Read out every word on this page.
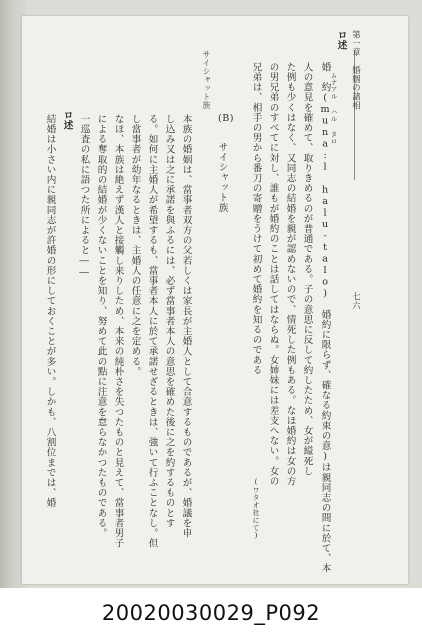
第一章　婚姻の諸相
七六
ロ述
ムナアル ハル タロ
婚　約(muna:l halu-talo)　婚約に限らず、確なる約束の意)は親同志の間に於て、本
人の意見を確めて、取りきめるのが普通である。子の意思に反して約したため、女が縊死し
た例も少くはなく、又同志の結婚を親が認めないので、情死した例もある。なほ婚約は女の方
の男兄弟のすべてに対し、誰もが婚約のことは話してはならぬ。女姉妹には差支へない。女の
兄弟は、相手の男から番刀の寄贈をうけて初めて婚約を知るのである
(ワタオ社にて)
(B)
サイシャット族
サイシャット族
本族の婚姻は、當事者双方の父若しくは家長が主婚人として合意するものであるが、婚議を申
し込み又は之に承諾を與ふるには、必ず當事者本人の意思を確めた後に之を約するものとす
る。如何に主婚人が希望するも、當事者本人に於て承諾せざるときは、強いて行ふことなし。但
し當事者が幼年なるときは、主婚人の任意に之を定める。
なほ、本族は絶えず漢人と接觸し来りしため、本来の純朴さを失つたものと見えて、當事者男子
による奪取的の結婚が少くないことを知り、努めて此の點に注意を怠らなかつたものである。
一巡査の私に語つた所によると――
ロ述
結婚は小さい内に親同志が許婚の形にしておくことが多い。しかも、八割位までは、婚
20020030029_P092
